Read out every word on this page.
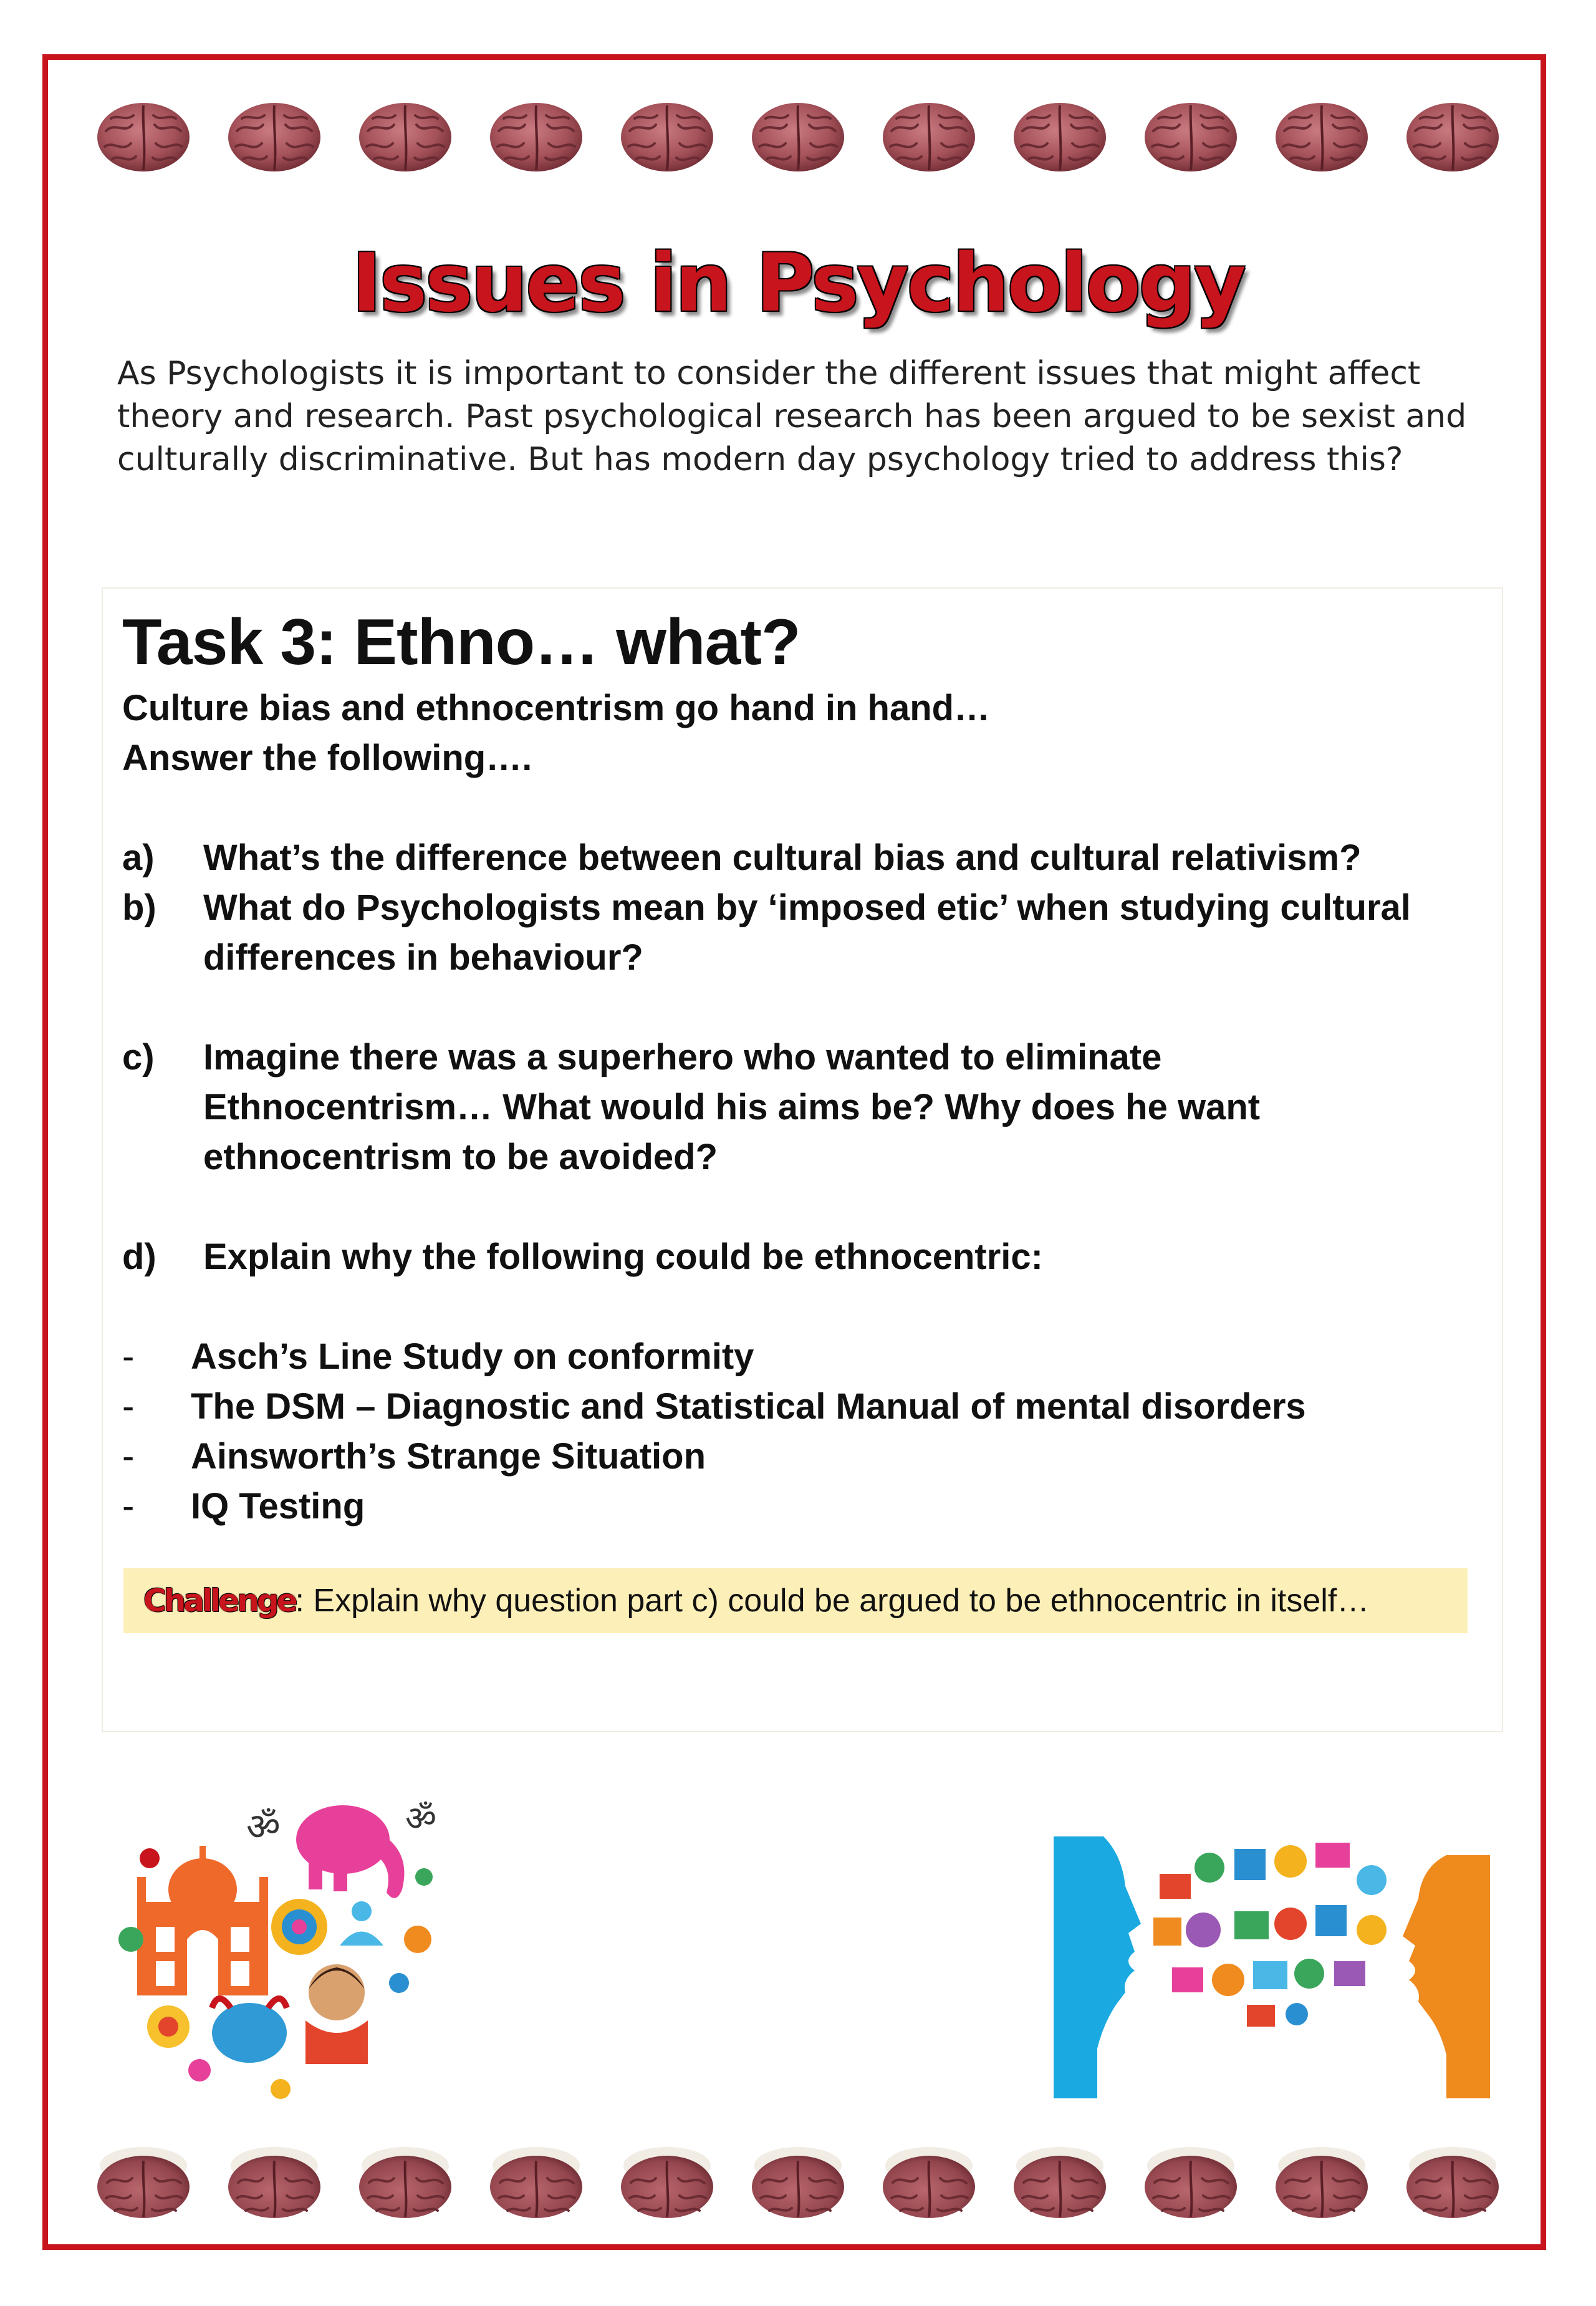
Issues in Psychology
As Psychologists it is important to consider the different issues that might affect theory and research. Past psychological research has been argued to be sexist and culturally discriminative. But has modern day psychology tried to address this?
Task 3: Ethno… what?
Culture bias and ethnocentrism go hand in hand…
Answer the following….
a)	What’s the difference between cultural bias and cultural relativism?
b)	What do Psychologists mean by ‘imposed etic’ when studying cultural differences in behaviour?
c)	Imagine there was a superhero who wanted to eliminate Ethnocentrism… What would his aims be? Why does he want ethnocentrism to be avoided?
d)	Explain why the following could be ethnocentric:
-	Asch’s Line Study on conformity
-	The DSM – Diagnostic and Statistical Manual of mental disorders
-	Ainsworth’s Strange Situation
-	IQ Testing
Challenge : Explain why question part c) could be argued to be ethnocentric in itself…
ॐ	ॐ
